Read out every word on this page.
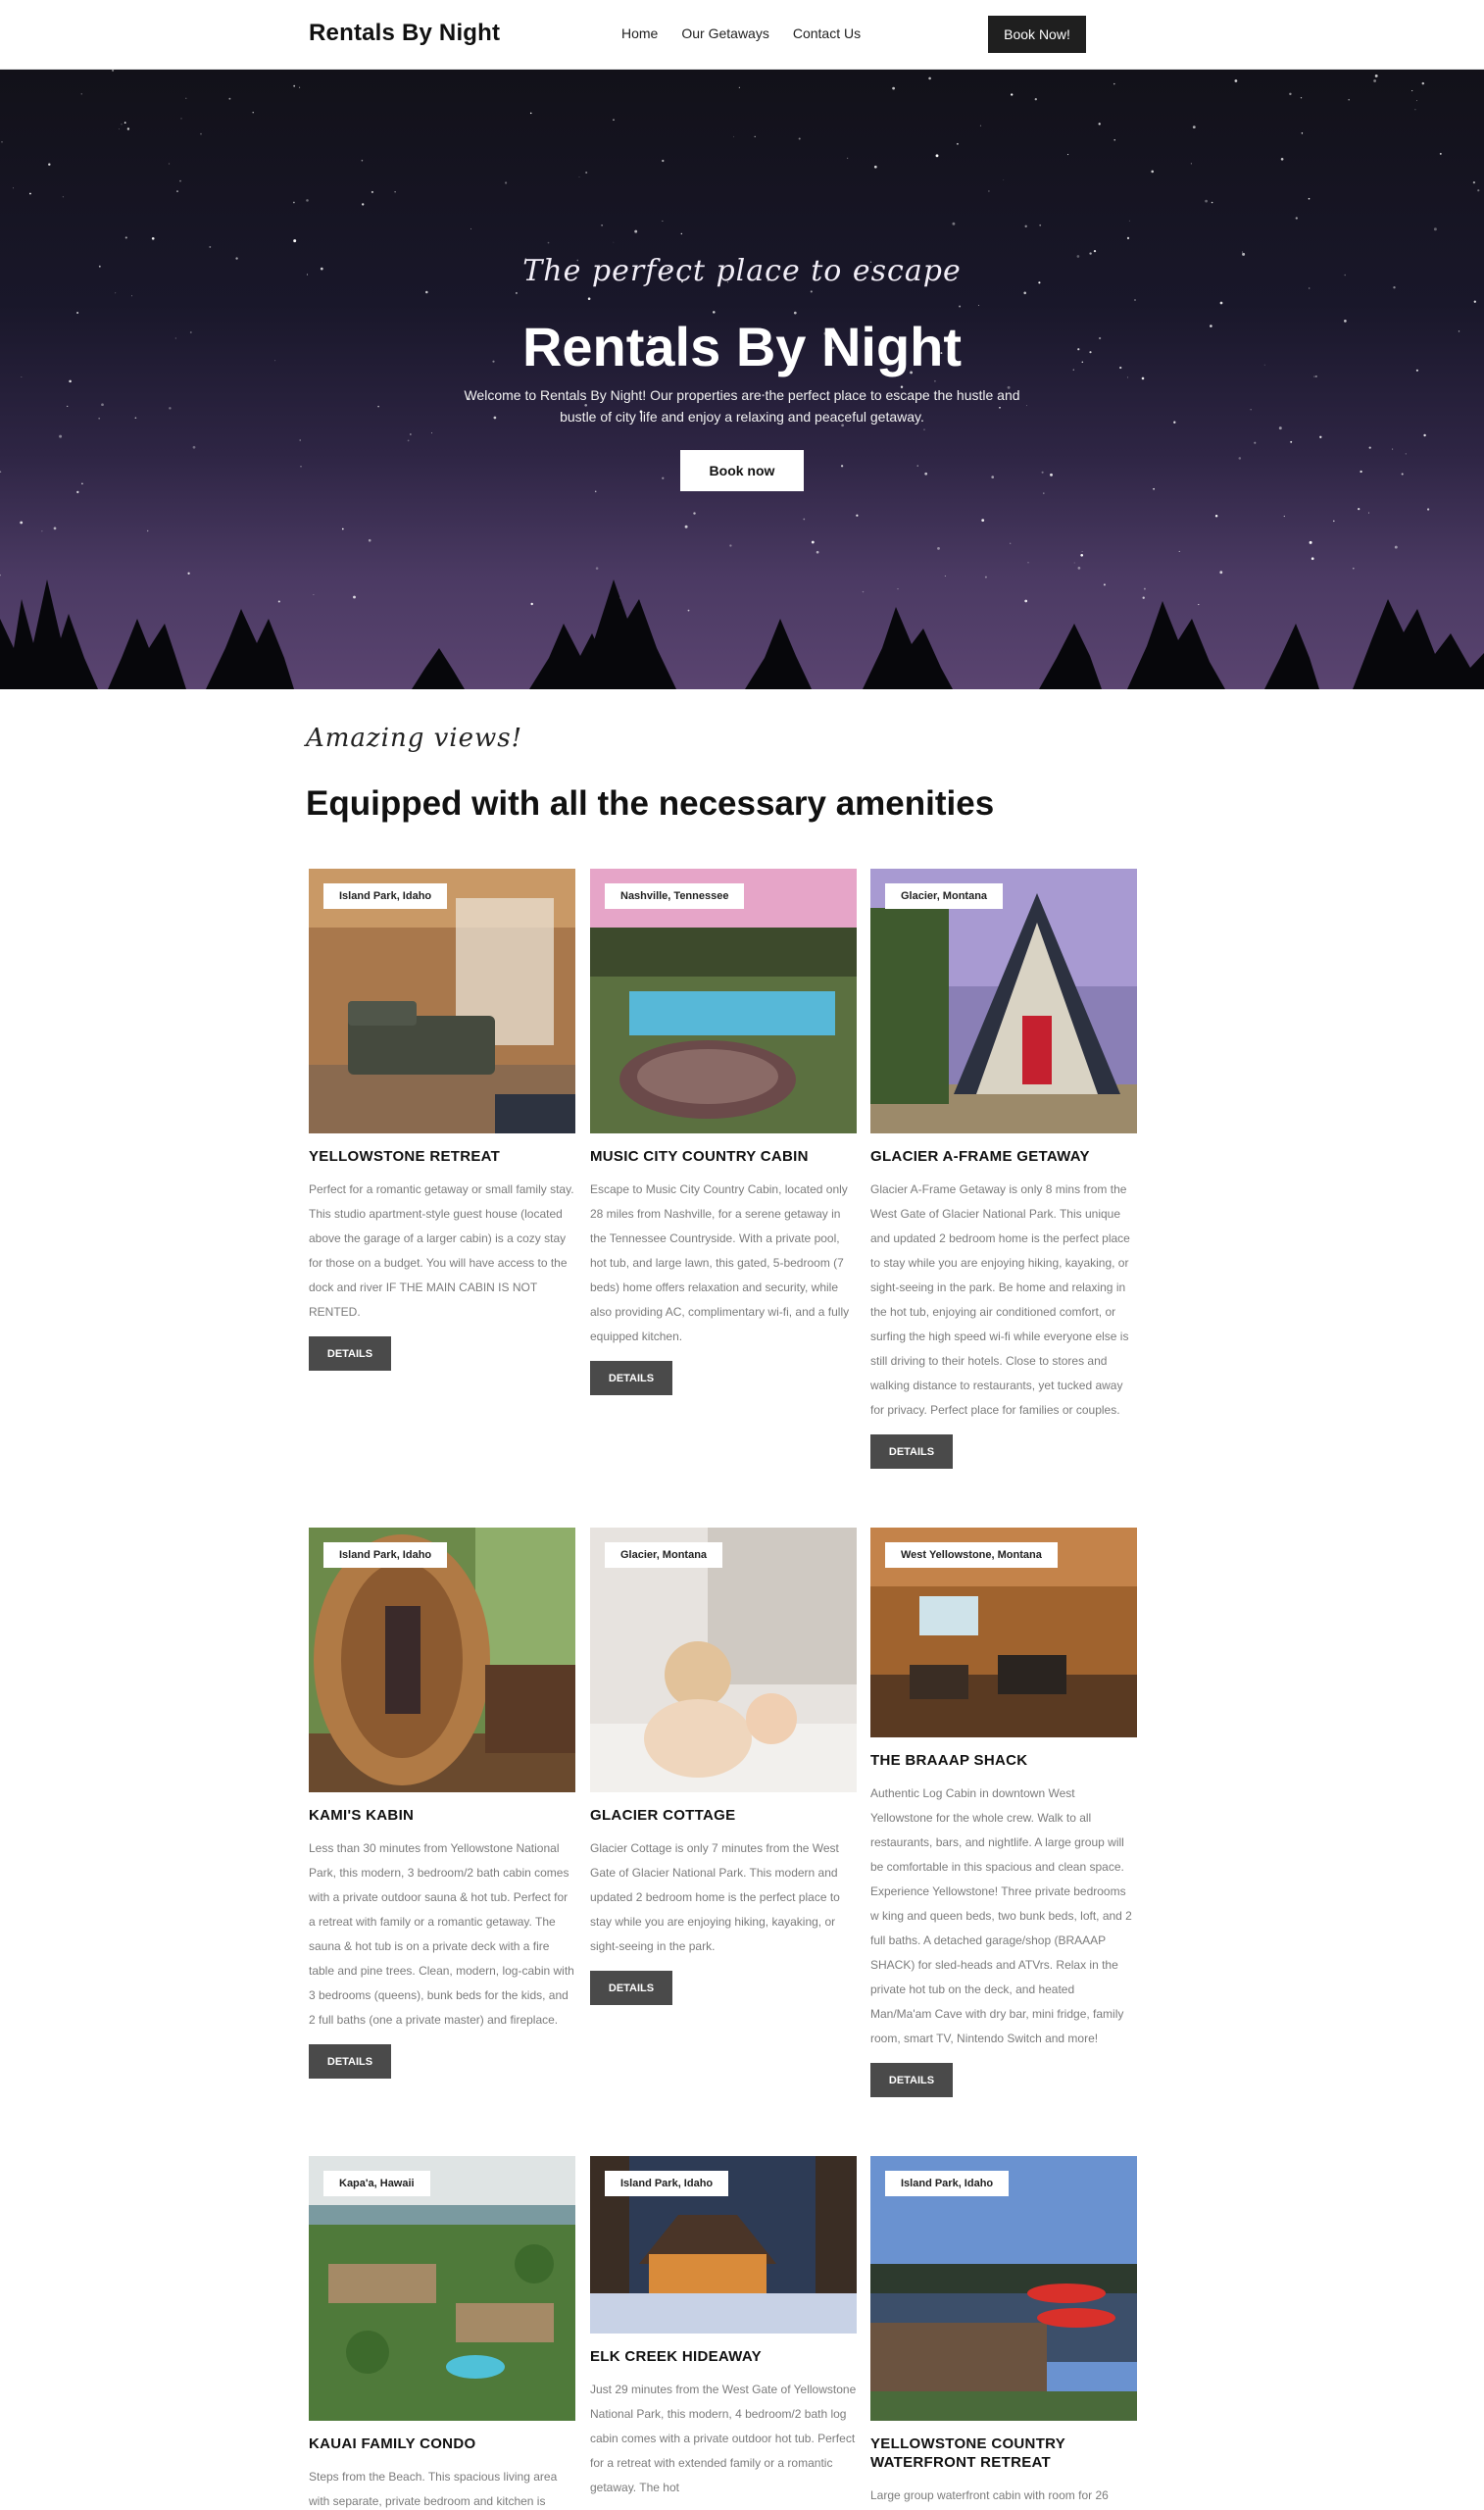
Rentals By Night	Home Our Getaways Contact Us	Book Now!
The perfect place to escape
Rentals By Night

Welcome to Rentals By Night! Our properties are the perfect place to escape the hustle and bustle of city life and enjoy a relaxing and peaceful getaway.

Book now
Amazing views!
Equipped with all the necessary amenities
Island Park, Idaho
YELLOWSTONE RETREAT

Perfect for a romantic getaway or small family stay. This studio apartment-style guest house (located above the garage of a larger cabin) is a cozy stay for those on a budget. You will have access to the dock and river IF THE MAIN CABIN IS NOT RENTED.

DETAILS
Nashville, Tennessee
MUSIC CITY COUNTRY CABIN

Escape to Music City Country Cabin, located only 28 miles from Nashville, for a serene getaway in the Tennessee Countryside. With a private pool, hot tub, and large lawn, this gated, 5-bedroom (7 beds) home offers relaxation and security, while also providing AC, complimentary wi-fi, and a fully equipped kitchen.

DETAILS
Glacier, Montana
GLACIER A-FRAME GETAWAY

Glacier A-Frame Getaway is only 8 mins from the West Gate of Glacier National Park. This unique and updated 2 bedroom home is the perfect place to stay while you are enjoying hiking, kayaking, or sight-seeing in the park. Be home and relaxing in the hot tub, enjoying air conditioned comfort, or surfing the high speed wi-fi while everyone else is still driving to their hotels. Close to stores and walking distance to restaurants, yet tucked away for privacy. Perfect place for families or couples.

DETAILS
Island Park, Idaho
KAMI'S KABIN

Less than 30 minutes from Yellowstone National Park, this modern, 3 bedroom/2 bath cabin comes with a private outdoor sauna & hot tub. Perfect for a retreat with family or a romantic getaway. The sauna & hot tub is on a private deck with a fire table and pine trees. Clean, modern, log-cabin with 3 bedrooms (queens), bunk beds for the kids, and 2 full baths (one a private master) and fireplace.

DETAILS
Glacier, Montana
GLACIER COTTAGE

Glacier Cottage is only 7 minutes from the West Gate of Glacier National Park. This modern and updated 2 bedroom home is the perfect place to stay while you are enjoying hiking, kayaking, or sight-seeing in the park.

DETAILS
West Yellowstone, Montana
THE BRAAAP SHACK

Authentic Log Cabin in downtown West Yellowstone for the whole crew. Walk to all restaurants, bars, and nightlife. A large group will be comfortable in this spacious and clean space. Experience Yellowstone! Three private bedrooms w king and queen beds, two bunk beds, loft, and 2 full baths. A detached garage/shop (BRAAAP SHACK) for sled-heads and ATVrs. Relax in the private hot tub on the deck, and heated Man/Ma'am Cave with dry bar, mini fridge, family room, smart TV, Nintendo Switch and more!

DETAILS
Kapa'a, Hawaii
KAUAI FAMILY CONDO

Steps from the Beach. This spacious living area with separate, private bedroom and kitchen is

Island Park, Idaho
ELK CREEK HIDEAWAY

Just 29 minutes from the West Gate of Yellowstone National Park, this modern, 4 bedroom/2 bath log cabin comes with a private outdoor hot tub. Perfect for a retreat with extended family or a romantic getaway. The hot

Island Park, Idaho
YELLOWSTONE COUNTRY WATERFRONT RETREAT

Large group waterfront cabin with room for 26
